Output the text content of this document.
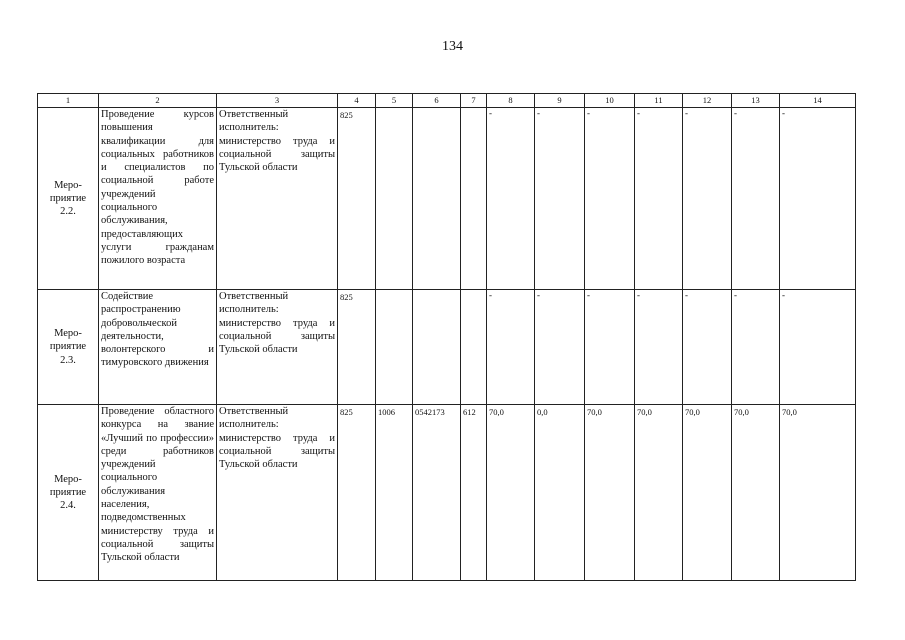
134
1	2	3	4	5	6	7	8	9	10	11	12	13	14
Меро-
приятие
2.2.	Проведение курсов повышения квалификации для социальных работников и специалистов по социальной работе учреждений социального обслуживания, предоставляющих услуги гражданам пожилого возраста	Ответственный исполнитель: министерство труда и социальной защиты Тульской области	825				-	-	-	-	-	-	-
Меро-
приятие
2.3.	Содействие распространению добровольческой деятельности, волонтерского и тимуровского движения	Ответственный исполнитель: министерство труда и социальной защиты Тульской области	825				-	-	-	-	-	-	-
Меро-
приятие
2.4.	Проведение областного конкурса на звание «Лучший по профессии» среди работников учреждений социального обслуживания населения, подведомственных министерству труда и социальной защиты Тульской области	Ответственный исполнитель: министерство труда и социальной защиты Тульской области	825	1006	0542173	612	70,0	0,0	70,0	70,0	70,0	70,0	70,0
